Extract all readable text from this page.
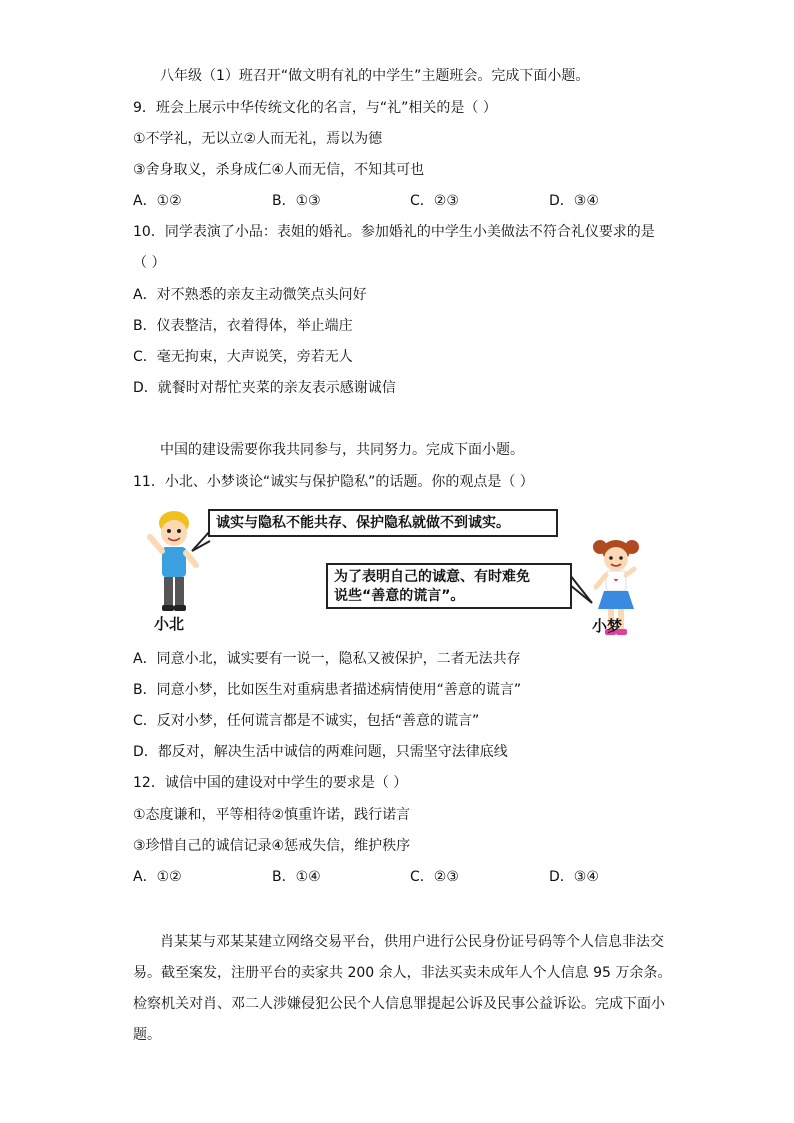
八年级（1）班召开“做文明有礼的中学生”主题班会。完成下面小题。
9．班会上展示中华传统文化的名言，与“礼”相关的是（ ）
①不学礼，无以立②人而无礼，焉以为德
③舍身取义，杀身成仁④人而无信，不知其可也
A．①②	B．①③	C．②③	D．③④
10．同学表演了小品：表姐的婚礼。参加婚礼的中学生小美做法不符合礼仪要求的是
（ ）
A．对不熟悉的亲友主动微笑点头问好
B．仪表整洁，衣着得体，举止端庄
C．毫无拘束，大声说笑，旁若无人
D．就餐时对帮忙夹菜的亲友表示感谢诚信
中国的建设需要你我共同参与，共同努力。完成下面小题。
11．小北、小梦谈论“诚实与保护隐私”的话题。你的观点是（ ）
诚实与隐私不能共存、保护隐私就做不到诚实。
为了表明自己的诚意、有时难免
说些“善意的谎言”。
小北	小梦
A．同意小北，诚实要有一说一，隐私又被保护，二者无法共存
B．同意小梦，比如医生对重病患者描述病情使用“善意的谎言”
C．反对小梦，任何谎言都是不诚实，包括“善意的谎言”
D．都反对，解决生活中诚信的两难问题，只需坚守法律底线
12．诚信中国的建设对中学生的要求是（ ）
①态度谦和，平等相待②慎重许诺，践行诺言
③珍惜自己的诚信记录④惩戒失信，维护秩序
A．①②	B．①④	C．②③	D．③④
肖某某与邓某某建立网络交易平台，供用户进行公民身份证号码等个人信息非法交
易。截至案发，注册平台的卖家共 200 余人，非法买卖未成年人个人信息 95 万余条。
检察机关对肖、邓二人涉嫌侵犯公民个人信息罪提起公诉及民事公益诉讼。完成下面小
题。
